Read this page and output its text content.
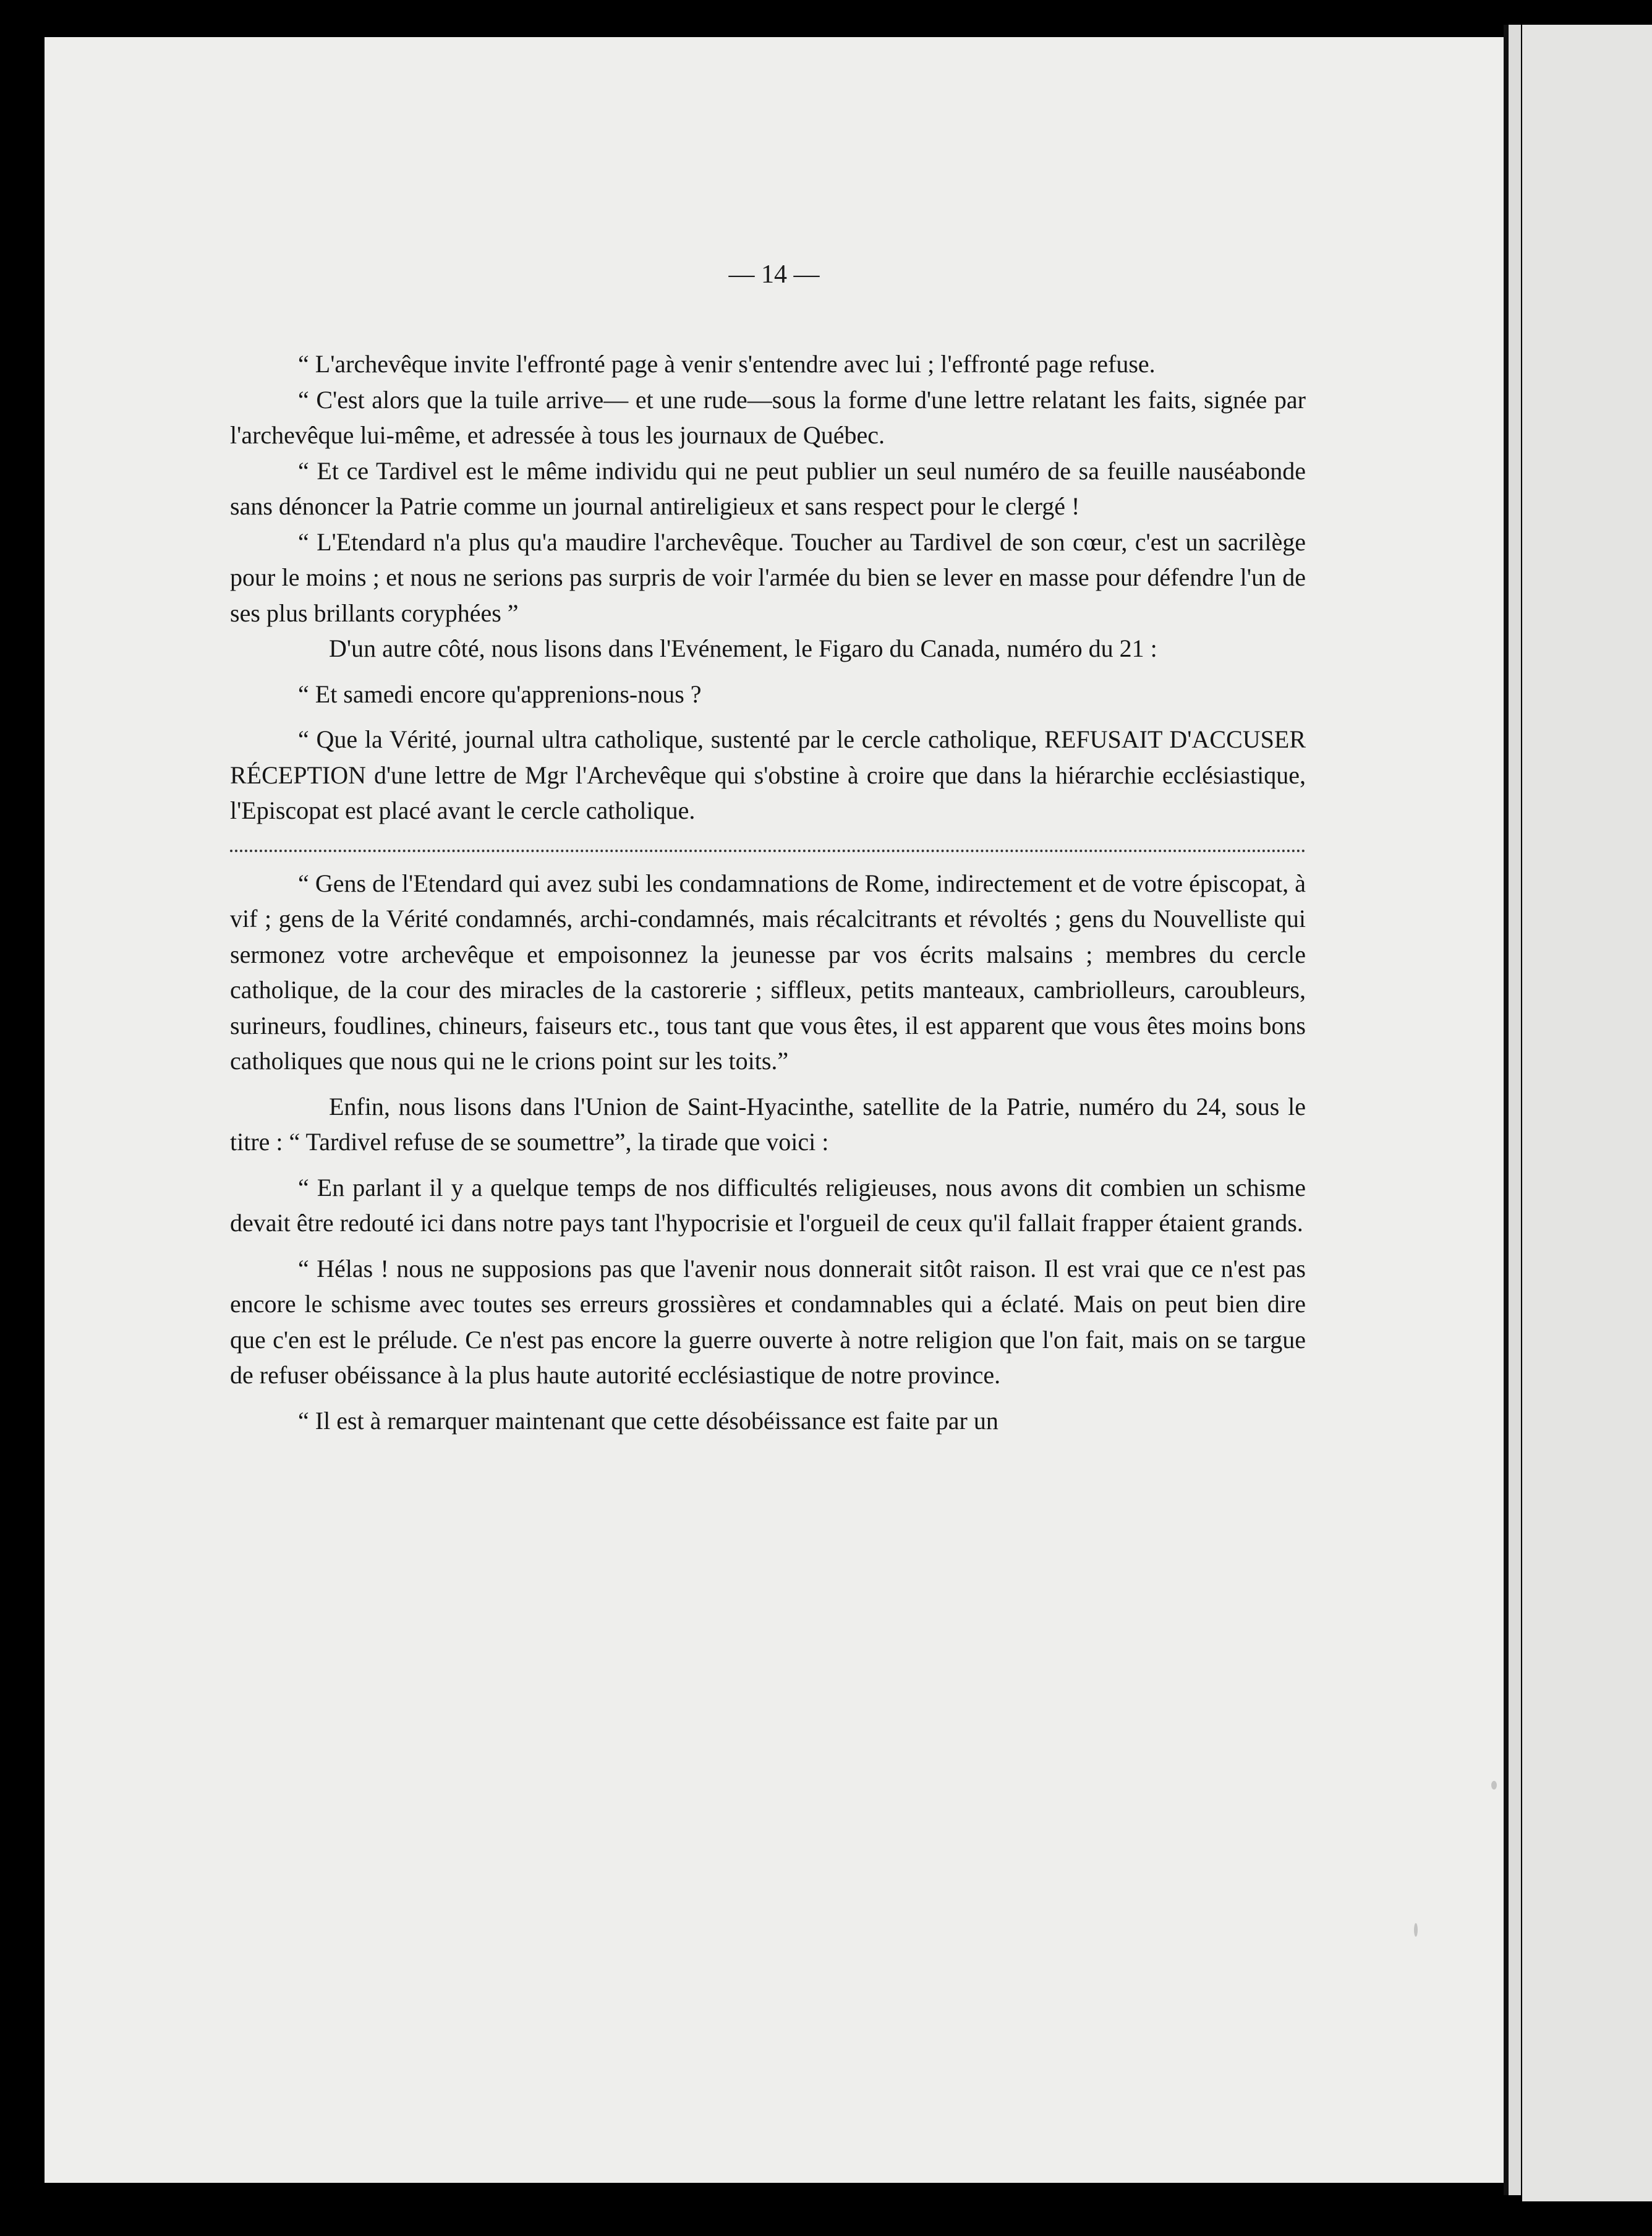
— 14 —

“ L'archevêque invite l'effronté page à venir s'entendre avec lui ; l'effronté page refuse.

“ C'est alors que la tuile arrive— et une rude—sous la forme d'une lettre relatant les faits, signée par l'archevêque lui-même, et adressée à tous les journaux de Québec.

“ Et ce Tardivel est le même individu qui ne peut publier un seul numéro de sa feuille nauséabonde sans dénoncer la Patrie comme un journal antireligieux et sans respect pour le clergé !

“ L'Etendard n'a plus qu'a maudire l'archevêque. Toucher au Tardivel de son cœur, c'est un sacrilège pour le moins ; et nous ne serions pas surpris de voir l'armée du bien se lever en masse pour défendre l'un de ses plus brillants coryphées ”

D'un autre côté, nous lisons dans l'Evénement, le Figaro du Canada, numéro du 21 :

“ Et samedi encore qu'apprenions-nous ?

“ Que la Vérité, journal ultra catholique, sustenté par le cercle catholique, REFUSAIT D'ACCUSER RÉCEPTION d'une lettre de Mgr l'Archevêque qui s'obstine à croire que dans la hiérarchie ecclésiastique, l'Episcopat est placé avant le cercle catholique.

“ Gens de l'Etendard qui avez subi les condamnations de Rome, indirectement et de votre épiscopat, à vif ; gens de la Vérité condamnés, archi-condamnés, mais récalcitrants et révoltés ; gens du Nouvelliste qui sermonez votre archevêque et empoisonnez la jeunesse par vos écrits malsains ; membres du cercle catholique, de la cour des miracles de la castorerie ; siffleux, petits manteaux, cambriolleurs, caroubleurs, surineurs, foudlines, chineurs, faiseurs etc., tous tant que vous êtes, il est apparent que vous êtes moins bons catholiques que nous qui ne le crions point sur les toits.”

Enfin, nous lisons dans l'Union de Saint-Hyacinthe, satellite de la Patrie, numéro du 24, sous le titre : “ Tardivel refuse de se soumettre”, la tirade que voici :

“ En parlant il y a quelque temps de nos difficultés religieuses, nous avons dit combien un schisme devait être redouté ici dans notre pays tant l'hypocrisie et l'orgueil de ceux qu'il fallait frapper étaient grands.

“ Hélas ! nous ne supposions pas que l'avenir nous donnerait sitôt raison. Il est vrai que ce n'est pas encore le schisme avec toutes ses erreurs grossières et condamnables qui a éclaté. Mais on peut bien dire que c'en est le prélude. Ce n'est pas encore la guerre ouverte à notre religion que l'on fait, mais on se targue de refuser obéissance à la plus haute autorité ecclésiastique de notre province.

“ Il est à remarquer maintenant que cette désobéissance est faite par un
